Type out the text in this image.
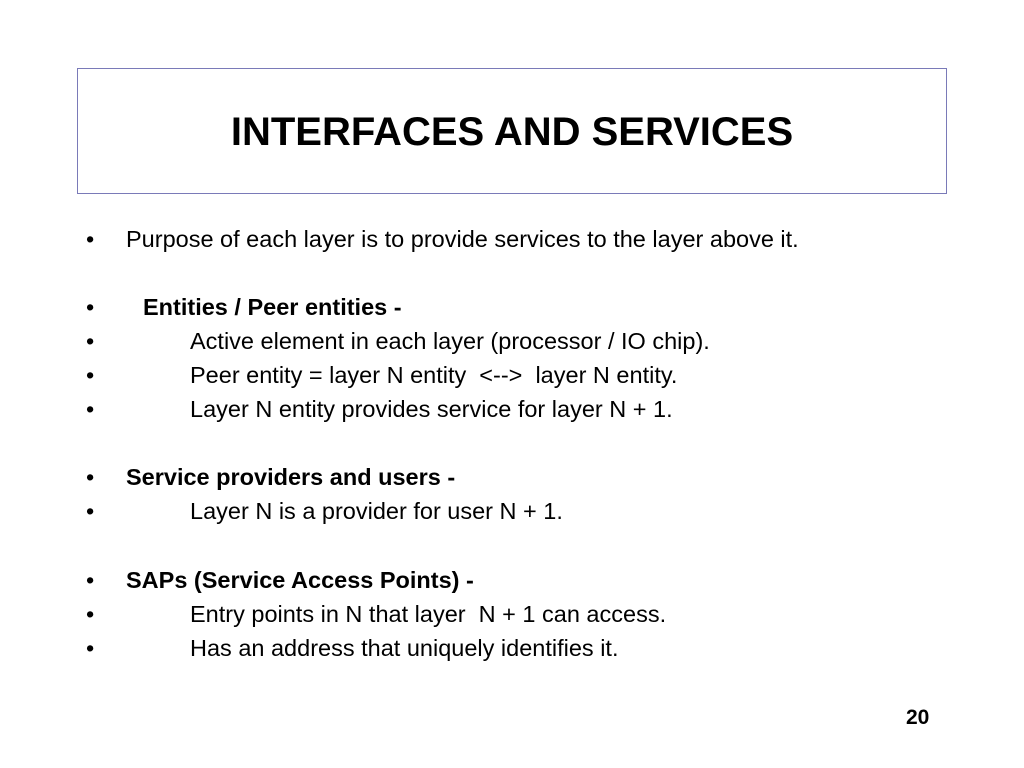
INTERFACES AND SERVICES

•

Purpose of each layer is to provide services to the layer above it.

•

Entities / Peer entities -

•

	Active element in each layer (processor / IO chip).

•

	Peer entity = layer N entity  <-->  layer N entity.

•

	Layer N entity provides service for layer N + 1.

•

Service providers and users -

•

	Layer N is a provider for user N + 1.

•

SAPs (Service Access Points) -

•

	Entry points in N that layer  N + 1 can access.

•

	Has an address that uniquely identifies it.

20
